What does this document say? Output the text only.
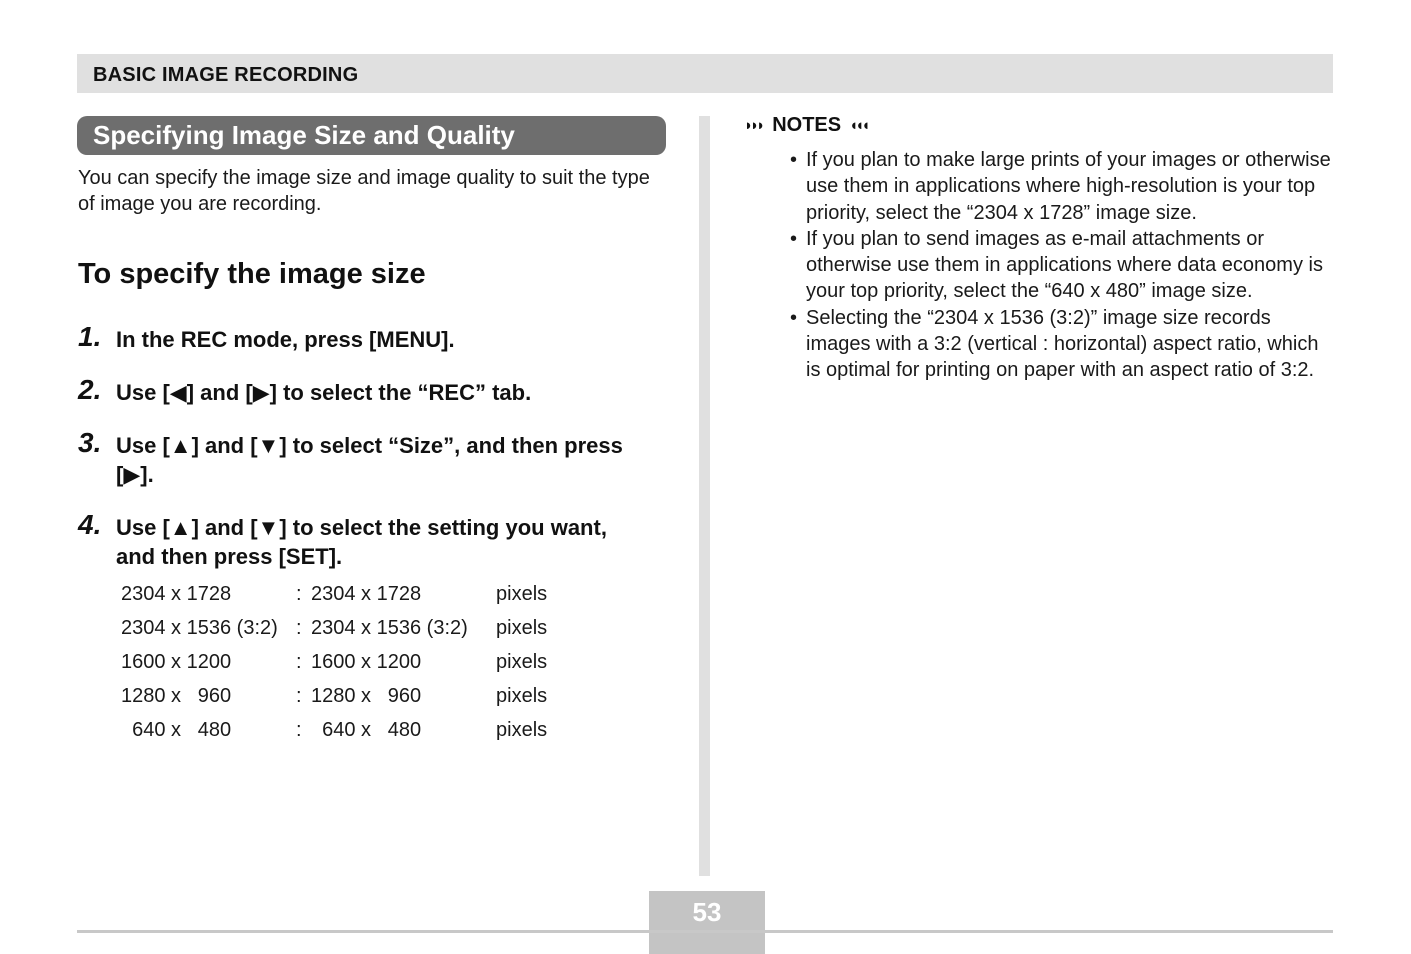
BASIC IMAGE RECORDING
Specifying Image Size and Quality
You can specify the image size and image quality to suit the type of image you are recording.
To specify the image size
1. In the REC mode, press [MENU].
2. Use [◀] and [▶] to select the “REC” tab.
3. Use [▲] and [▼] to select “Size”, and then press [▶].
4. Use [▲] and [▼] to select the setting you want, and then press [SET].
2304 x 1728	:	2304 x 1728	pixels
2304 x 1536 (3:2)	:	2304 x 1536 (3:2)	pixels
1600 x 1200	:	1600 x 1200	pixels
1280 x   960	:	1280 x   960	pixels
640 x   480	:	640 x   480	pixels
◗◗◗ NOTES ◖◖◖
• If you plan to make large prints of your images or otherwise use them in applications where high-resolution is your top priority, select the “2304 x 1728” image size.
• If you plan to send images as e-mail attachments or otherwise use them in applications where data economy is your top priority, select the “640 x 480” image size.
• Selecting the “2304 x 1536 (3:2)” image size records images with a 3:2 (vertical : horizontal) aspect ratio, which is optimal for printing on paper with an aspect ratio of 3:2.
53
